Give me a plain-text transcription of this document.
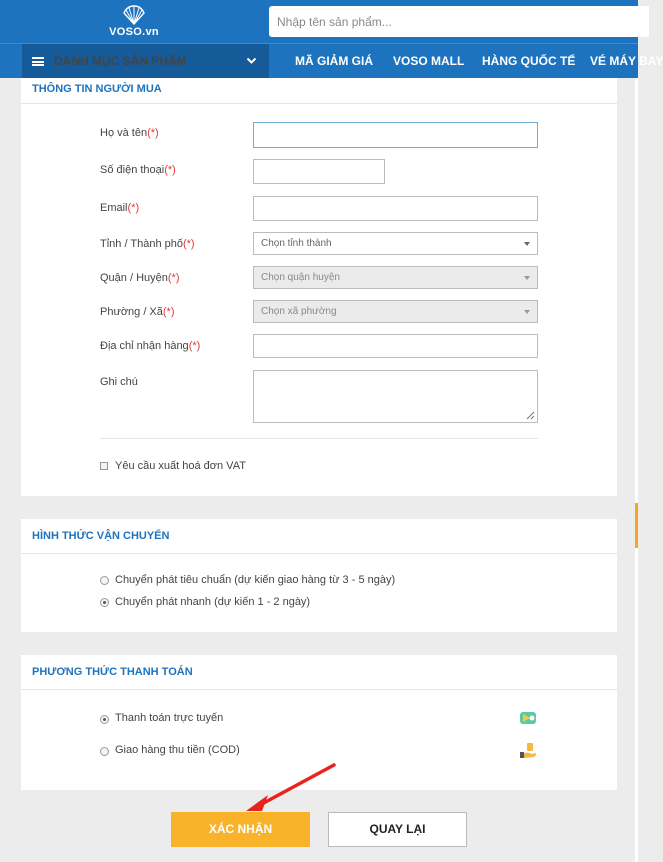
VOSO.vn
Nhập tên sản phẩm...
DANH MỤC SẢN PHẨM	MÃ GIẢM GIÁ VOSO MALL HÀNG QUỐC TẾ VÉ MÁY BAY
THÔNG TIN NGƯỜI MUA
Họ và tên(*)
Số điện thoại(*)
Email(*)
Tỉnh / Thành phố(*)	Chọn tỉnh thành
Quận / Huyện(*)	Chọn quận huyện
Phường / Xã(*)	Chọn xã phường
Địa chỉ nhận hàng(*)
Ghi chú
Yêu cầu xuất hoá đơn VAT
HÌNH THỨC VẬN CHUYỂN
Chuyển phát tiêu chuẩn (dự kiến giao hàng từ 3 - 5 ngày)
Chuyển phát nhanh (dự kiến 1 - 2 ngày)
PHƯƠNG THỨC THANH TOÁN
Thanh toán trực tuyến
Giao hàng thu tiền (COD)
XÁC NHẬN	QUAY LẠI
